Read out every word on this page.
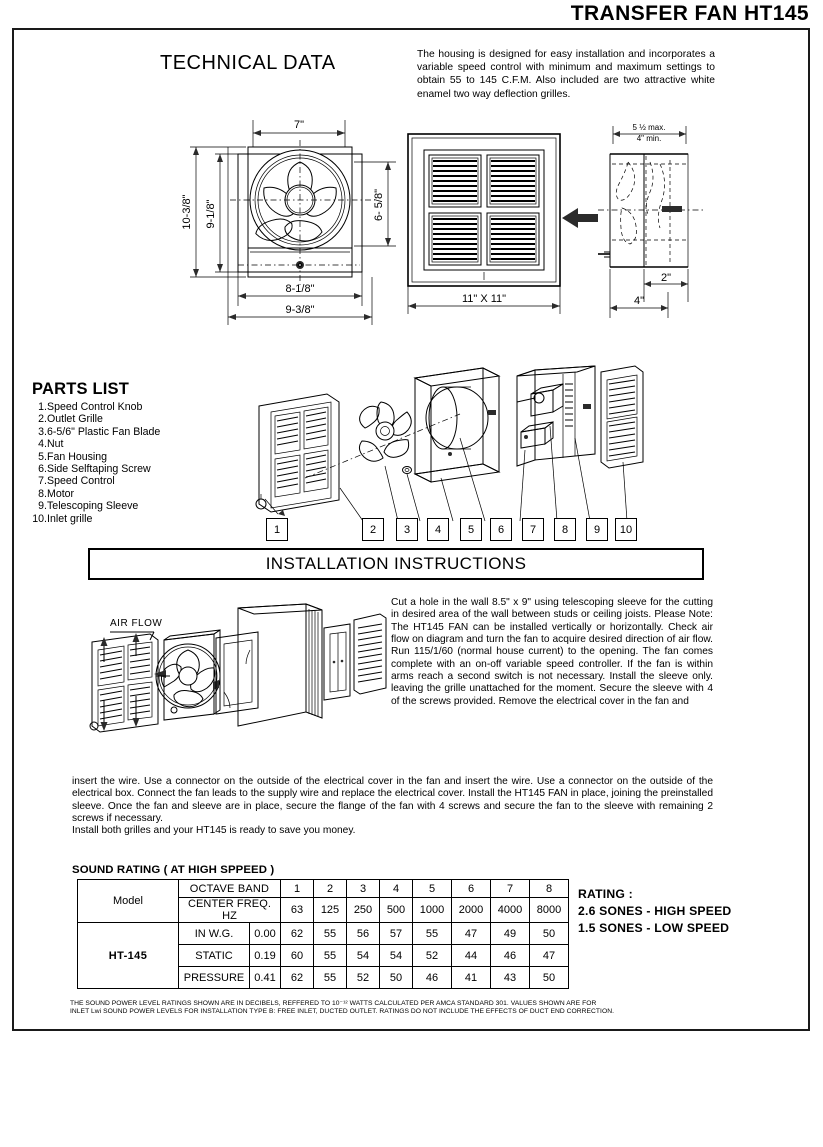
TRANSFER FAN HT145
TECHNICAL DATA	The housing is designed for easy installation and incorporates a variable speed control with minimum and maximum settings to obtain 55 to 145 C.F.M. Also included are two attractive white enamel two way deflection grilles.
7"
10-3/8" 9-1/8"	6- 5/8"
8-1/8"
9-3/8"
11" X 11"
5 ½ max.
4" min.
2"
4"
PARTS LIST
1.Speed Control Knob
2.Outlet Grille
3.6-5/6" Plastic Fan Blade
4.Nut
5.Fan Housing
6.Side Selftaping Screw
7.Speed Control
8.Motor
9.Telescoping Sleeve
10.Inlet grille
1	2	3	4	5	6	7	8	9	10
INSTALLATION INSTRUCTIONS
AIR FLOW
Cut a hole in the wall 8.5" x 9" using telescoping sleeve for the cutting in desired area of the wall between studs or ceiling joists. Please Note: The HT145 FAN can be installed vertically or horizontally. Check air flow on diagram and turn the fan to acquire desired direction of air flow. Run 115/1/60 (normal house current) to the opening. The fan comes complete with an on-off variable speed controller. If the fan is within arms reach a second switch is not necessary. Install the sleeve only. leaving the grille unattached for the moment. Secure the sleeve with 4 of the screws provided. Remove the electrical cover in the fan and
insert the wire. Use a connector on the outside of the electrical cover in the fan and insert the wire. Use a connector on the outside of the electrical box. Connect the fan leads to the supply wire and replace the electrical cover. Install the HT145 FAN in place, joining the preinstalled sleeve. Once the fan and sleeve are in place, secure the flange of the fan with 4 screws and secure the fan to the sleeve with remaining 2 screws if necessary.
Install both grilles and your HT145 is ready to save you money.
SOUND RATING ( AT HIGH SPPEED )
Model	OCTAVE BAND		1	2	3	4	5	6	7	8
	CENTER FREQ. HZ		63	125	250	500	1000	2000	4000	8000
HT-145	IN W.G.	0.00	62	55	56	57	55	47	49	50
	STATIC	0.19	60	55	54	54	52	44	46	47
	PRESSURE	0.41	62	55	52	50	46	41	43	50
RATING :
2.6 SONES - HIGH SPEED
1.5 SONES - LOW SPEED
THE SOUND POWER LEVEL RATINGS SHOWN ARE IN DECIBELS, REFFERED TO 10⁻¹² WATTS CALCULATED PER AMCA STANDARD 301. VALUES SHOWN ARE FOR INLET Lwi SOUND POWER LEVELS FOR INSTALLATION TYPE B: FREE INLET, DUCTED OUTLET. RATINGS DO NOT INCLUDE THE EFFECTS OF DUCT END CORRECTION.
